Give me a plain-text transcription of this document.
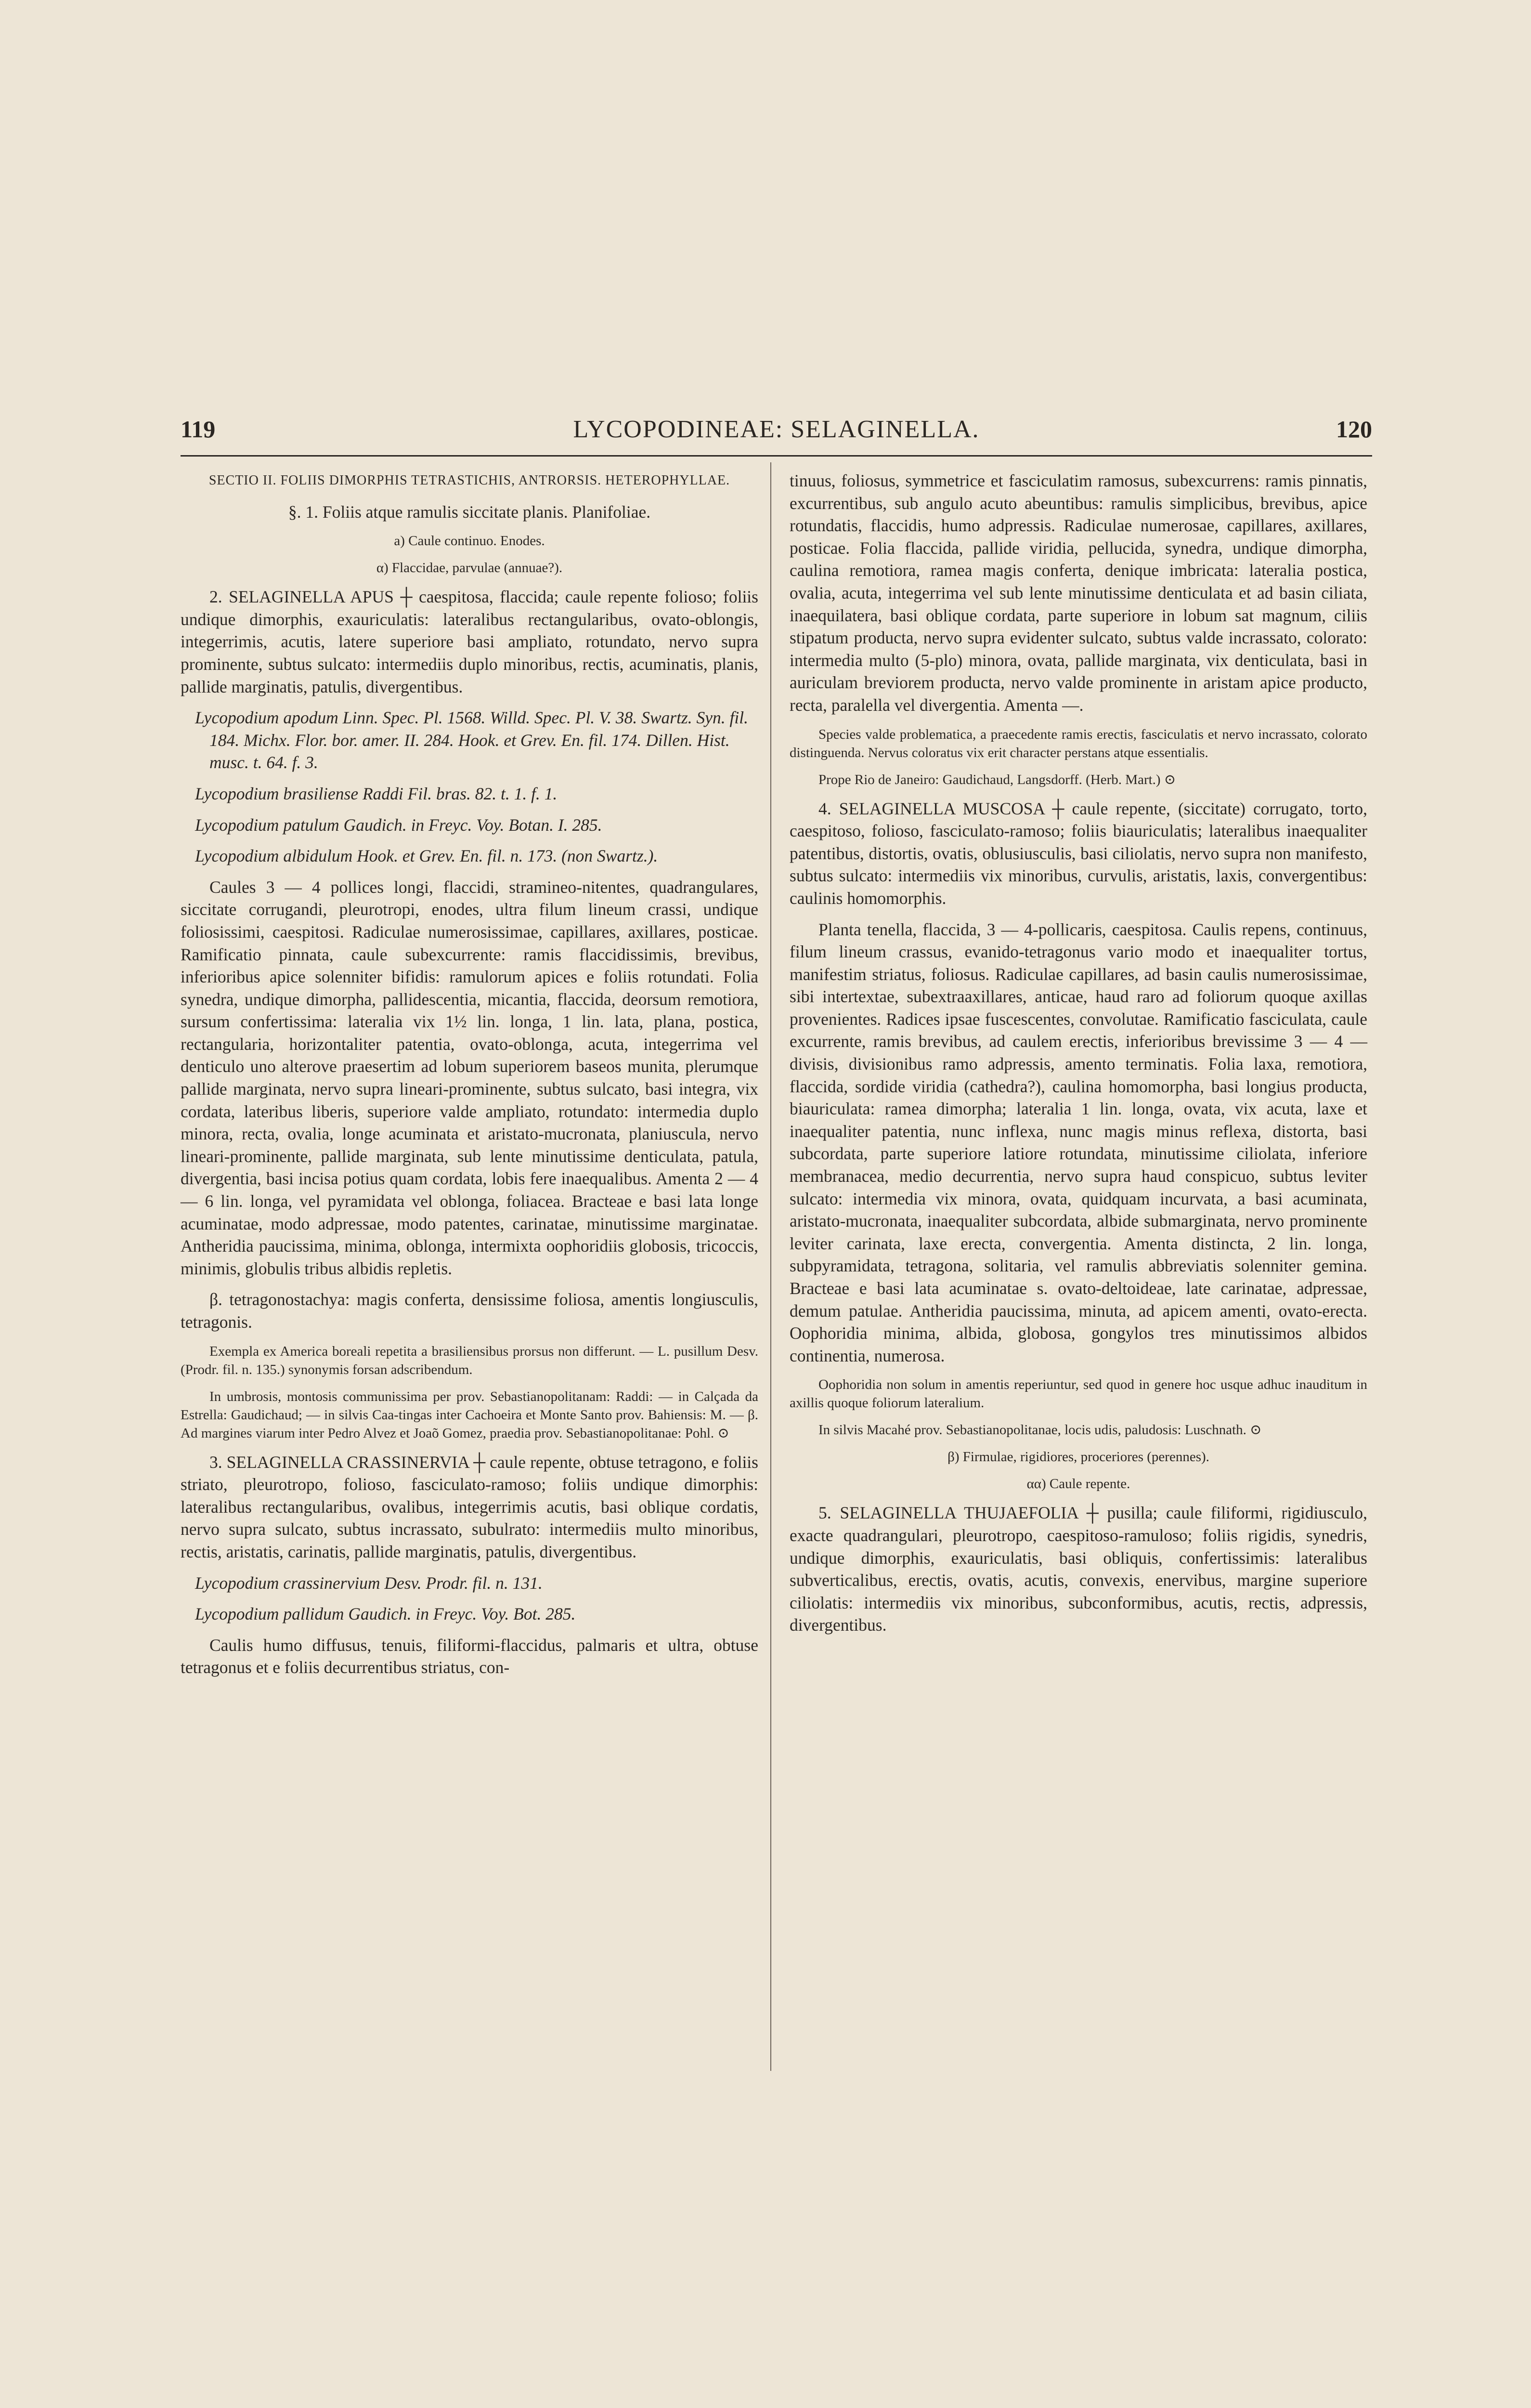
119	LYCOPODINEAE: SELAGINELLA.	120

SECTIO II. FOLIIS DIMORPHIS TETRASTICHIS, ANTRORSIS. HETEROPHYLLAE.

§. 1. Foliis atque ramulis siccitate planis. Planifoliae.

a) Caule continuo. Enodes.

α) Flaccidae, parvulae (annuae?).

2. SELAGINELLA APUS ┼ caespitosa, flaccida; caule repente folioso; foliis undique dimorphis, exauriculatis: lateralibus rectangularibus, ovato-oblongis, integerrimis, acutis, latere superiore basi ampliato, rotundato, nervo supra prominente, subtus sulcato: intermediis duplo minoribus, rectis, acuminatis, planis, pallide marginatis, patulis, divergentibus.

Lycopodium apodum Linn. Spec. Pl. 1568. Willd. Spec. Pl. V. 38. Swartz. Syn. fil. 184. Michx. Flor. bor. amer. II. 284. Hook. et Grev. En. fil. 174. Dillen. Hist. musc. t. 64. f. 3.

Lycopodium brasiliense Raddi Fil. bras. 82. t. 1. f. 1.

Lycopodium patulum Gaudich. in Freyc. Voy. Botan. I. 285.

Lycopodium albidulum Hook. et Grev. En. fil. n. 173. (non Swartz.).

Caules 3 — 4 pollices longi, flaccidi, stramineo-nitentes, quadrangulares, siccitate corrugandi, pleurotropi, enodes, ultra filum lineum crassi, undique foliosissimi, caespitosi. Radiculae numerosissimae, capillares, axillares, posticae. Ramificatio pinnata, caule subexcurrente: ramis flaccidissimis, brevibus, inferioribus apice solenniter bifidis: ramulorum apices e foliis rotundati. Folia synedra, undique dimorpha, pallidescentia, micantia, flaccida, deorsum remotiora, sursum confertissima: lateralia vix 1½ lin. longa, 1 lin. lata, plana, postica, rectangularia, horizontaliter patentia, ovato-oblonga, acuta, integerrima vel denticulo uno alterove praesertim ad lobum superiorem baseos munita, plerumque pallide marginata, nervo supra lineari-prominente, subtus sulcato, basi integra, vix cordata, lateribus liberis, superiore valde ampliato, rotundato: intermedia duplo minora, recta, ovalia, longe acuminata et aristato-mucronata, planiuscula, nervo lineari-prominente, pallide marginata, sub lente minutissime denticulata, patula, divergentia, basi incisa potius quam cordata, lobis fere inaequalibus. Amenta 2 — 4 — 6 lin. longa, vel pyramidata vel oblonga, foliacea. Bracteae e basi lata longe acuminatae, modo adpressae, modo patentes, carinatae, minutissime marginatae. Antheridia paucissima, minima, oblonga, intermixta oophoridiis globosis, tricoccis, minimis, globulis tribus albidis repletis.

β. tetragonostachya: magis conferta, densissime foliosa, amentis longiusculis, tetragonis.

Exempla ex America boreali repetita a brasiliensibus prorsus non differunt. — L. pusillum Desv. (Prodr. fil. n. 135.) synonymis forsan adscribendum.

In umbrosis, montosis communissima per prov. Sebastianopolitanam: Raddi: — in Calçada da Estrella: Gaudichaud; — in silvis Caa-tingas inter Cachoeira et Monte Santo prov. Bahiensis: M. — β. Ad margines viarum inter Pedro Alvez et Joaõ Gomez, praedia prov. Sebastianopolitanae: Pohl. ⊙

3. SELAGINELLA CRASSINERVIA ┼ caule repente, obtuse tetragono, e foliis striato, pleurotropo, folioso, fasciculato-ramoso; foliis undique dimorphis: lateralibus rectangularibus, ovalibus, integerrimis acutis, basi oblique cordatis, nervo supra sulcato, subtus incrassato, subulrato: intermediis multo minoribus, rectis, aristatis, carinatis, pallide marginatis, patulis, divergentibus.

Lycopodium crassinervium Desv. Prodr. fil. n. 131.

Lycopodium pallidum Gaudich. in Freyc. Voy. Bot. 285.

Caulis humo diffusus, tenuis, filiformi-flaccidus, palmaris et ultra, obtuse tetragonus et e foliis decurrentibus striatus, con-

tinuus, foliosus, symmetrice et fasciculatim ramosus, subexcurrens: ramis pinnatis, excurrentibus, sub angulo acuto abeuntibus: ramulis simplicibus, brevibus, apice rotundatis, flaccidis, humo adpressis. Radiculae numerosae, capillares, axillares, posticae. Folia flaccida, pallide viridia, pellucida, synedra, undique dimorpha, caulina remotiora, ramea magis conferta, denique imbricata: lateralia postica, ovalia, acuta, integerrima vel sub lente minutissime denticulata et ad basin ciliata, inaequilatera, basi oblique cordata, parte superiore in lobum sat magnum, ciliis stipatum producta, nervo supra evidenter sulcato, subtus valde incrassato, colorato: intermedia multo (5-plo) minora, ovata, pallide marginata, vix denticulata, basi in auriculam breviorem producta, nervo valde prominente in aristam apice producto, recta, paralella vel divergentia. Amenta —.

Species valde problematica, a praecedente ramis erectis, fasciculatis et nervo incrassato, colorato distinguenda. Nervus coloratus vix erit character perstans atque essentialis.

Prope Rio de Janeiro: Gaudichaud, Langsdorff. (Herb. Mart.) ⊙

4. SELAGINELLA MUSCOSA ┼ caule repente, (siccitate) corrugato, torto, caespitoso, folioso, fasciculato-ramoso; foliis biauriculatis; lateralibus inaequaliter patentibus, distortis, ovatis, oblusiusculis, basi ciliolatis, nervo supra non manifesto, subtus sulcato: intermediis vix minoribus, curvulis, aristatis, laxis, convergentibus: caulinis homomorphis.

Planta tenella, flaccida, 3 — 4-pollicaris, caespitosa. Caulis repens, continuus, filum lineum crassus, evanido-tetragonus vario modo et inaequaliter tortus, manifestim striatus, foliosus. Radiculae capillares, ad basin caulis numerosissimae, sibi intertextae, subextraaxillares, anticae, haud raro ad foliorum quoque axillas provenientes. Radices ipsae fuscescentes, convolutae. Ramificatio fasciculata, caule excurrente, ramis brevibus, ad caulem erectis, inferioribus brevissime 3 — 4 — divisis, divisionibus ramo adpressis, amento terminatis. Folia laxa, remotiora, flaccida, sordide viridia (cathedra?), caulina homomorpha, basi longius producta, biauriculata: ramea dimorpha; lateralia 1 lin. longa, ovata, vix acuta, laxe et inaequaliter patentia, nunc inflexa, nunc magis minus reflexa, distorta, basi subcordata, parte superiore latiore rotundata, minutissime ciliolata, inferiore membranacea, medio decurrentia, nervo supra haud conspicuo, subtus leviter sulcato: intermedia vix minora, ovata, quidquam incurvata, a basi acuminata, aristato-mucronata, inaequaliter subcordata, albide submarginata, nervo prominente leviter carinata, laxe erecta, convergentia. Amenta distincta, 2 lin. longa, subpyramidata, tetragona, solitaria, vel ramulis abbreviatis solenniter gemina. Bracteae e basi lata acuminatae s. ovato-deltoideae, late carinatae, adpressae, demum patulae. Antheridia paucissima, minuta, ad apicem amenti, ovato-erecta. Oophoridia minima, albida, globosa, gongylos tres minutissimos albidos continentia, numerosa.

Oophoridia non solum in amentis reperiuntur, sed quod in genere hoc usque adhuc inauditum in axillis quoque foliorum lateralium.

In silvis Macahé prov. Sebastianopolitanae, locis udis, paludosis: Luschnath. ⊙

β) Firmulae, rigidiores, proceriores (perennes).

αα) Caule repente.

5. SELAGINELLA THUJAEFOLIA ┼ pusilla; caule filiformi, rigidiusculo, exacte quadrangulari, pleurotropo, caespitoso-ramuloso; foliis rigidis, synedris, undique dimorphis, exauriculatis, basi obliquis, confertissimis: lateralibus subverticalibus, erectis, ovatis, acutis, convexis, enervibus, margine superiore ciliolatis: intermediis vix minoribus, subconformibus, acutis, rectis, adpressis, divergentibus.
